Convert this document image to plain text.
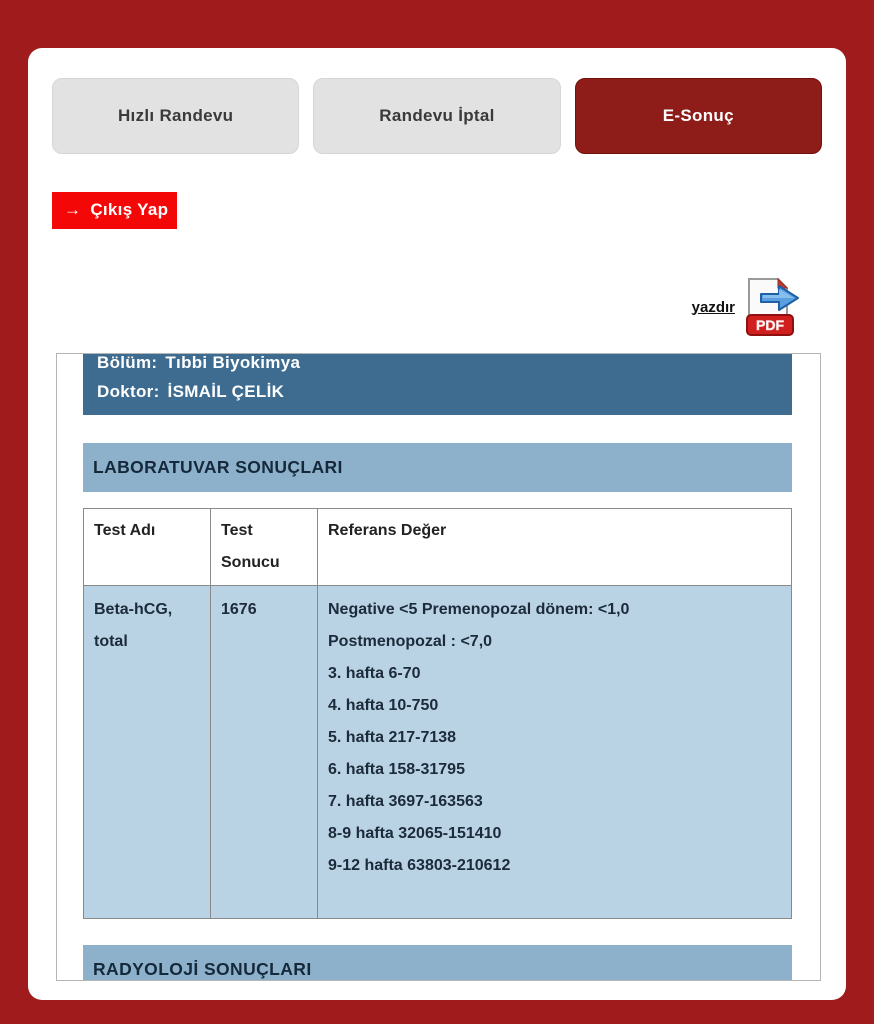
Hızlı Randevu	Randevu İptal	E-Sonuç
→ Çıkış Yap
yazdır
PDF
Bölüm: Tıbbi Biyokimya
Doktor: İSMAİL ÇELİK
LABORATUVAR SONUÇLARI
Test Adı	Test Sonucu	Referans Değer
Beta-hCG, total	1676	Negative <5 Premenopozal dönem: <1,0
Postmenopozal : <7,0
3. hafta 6-70
4. hafta 10-750
5. hafta 217-7138
6. hafta 158-31795
7. hafta 3697-163563
8-9 hafta 32065-151410
9-12 hafta 63803-210612
RADYOLOJİ SONUÇLARI
